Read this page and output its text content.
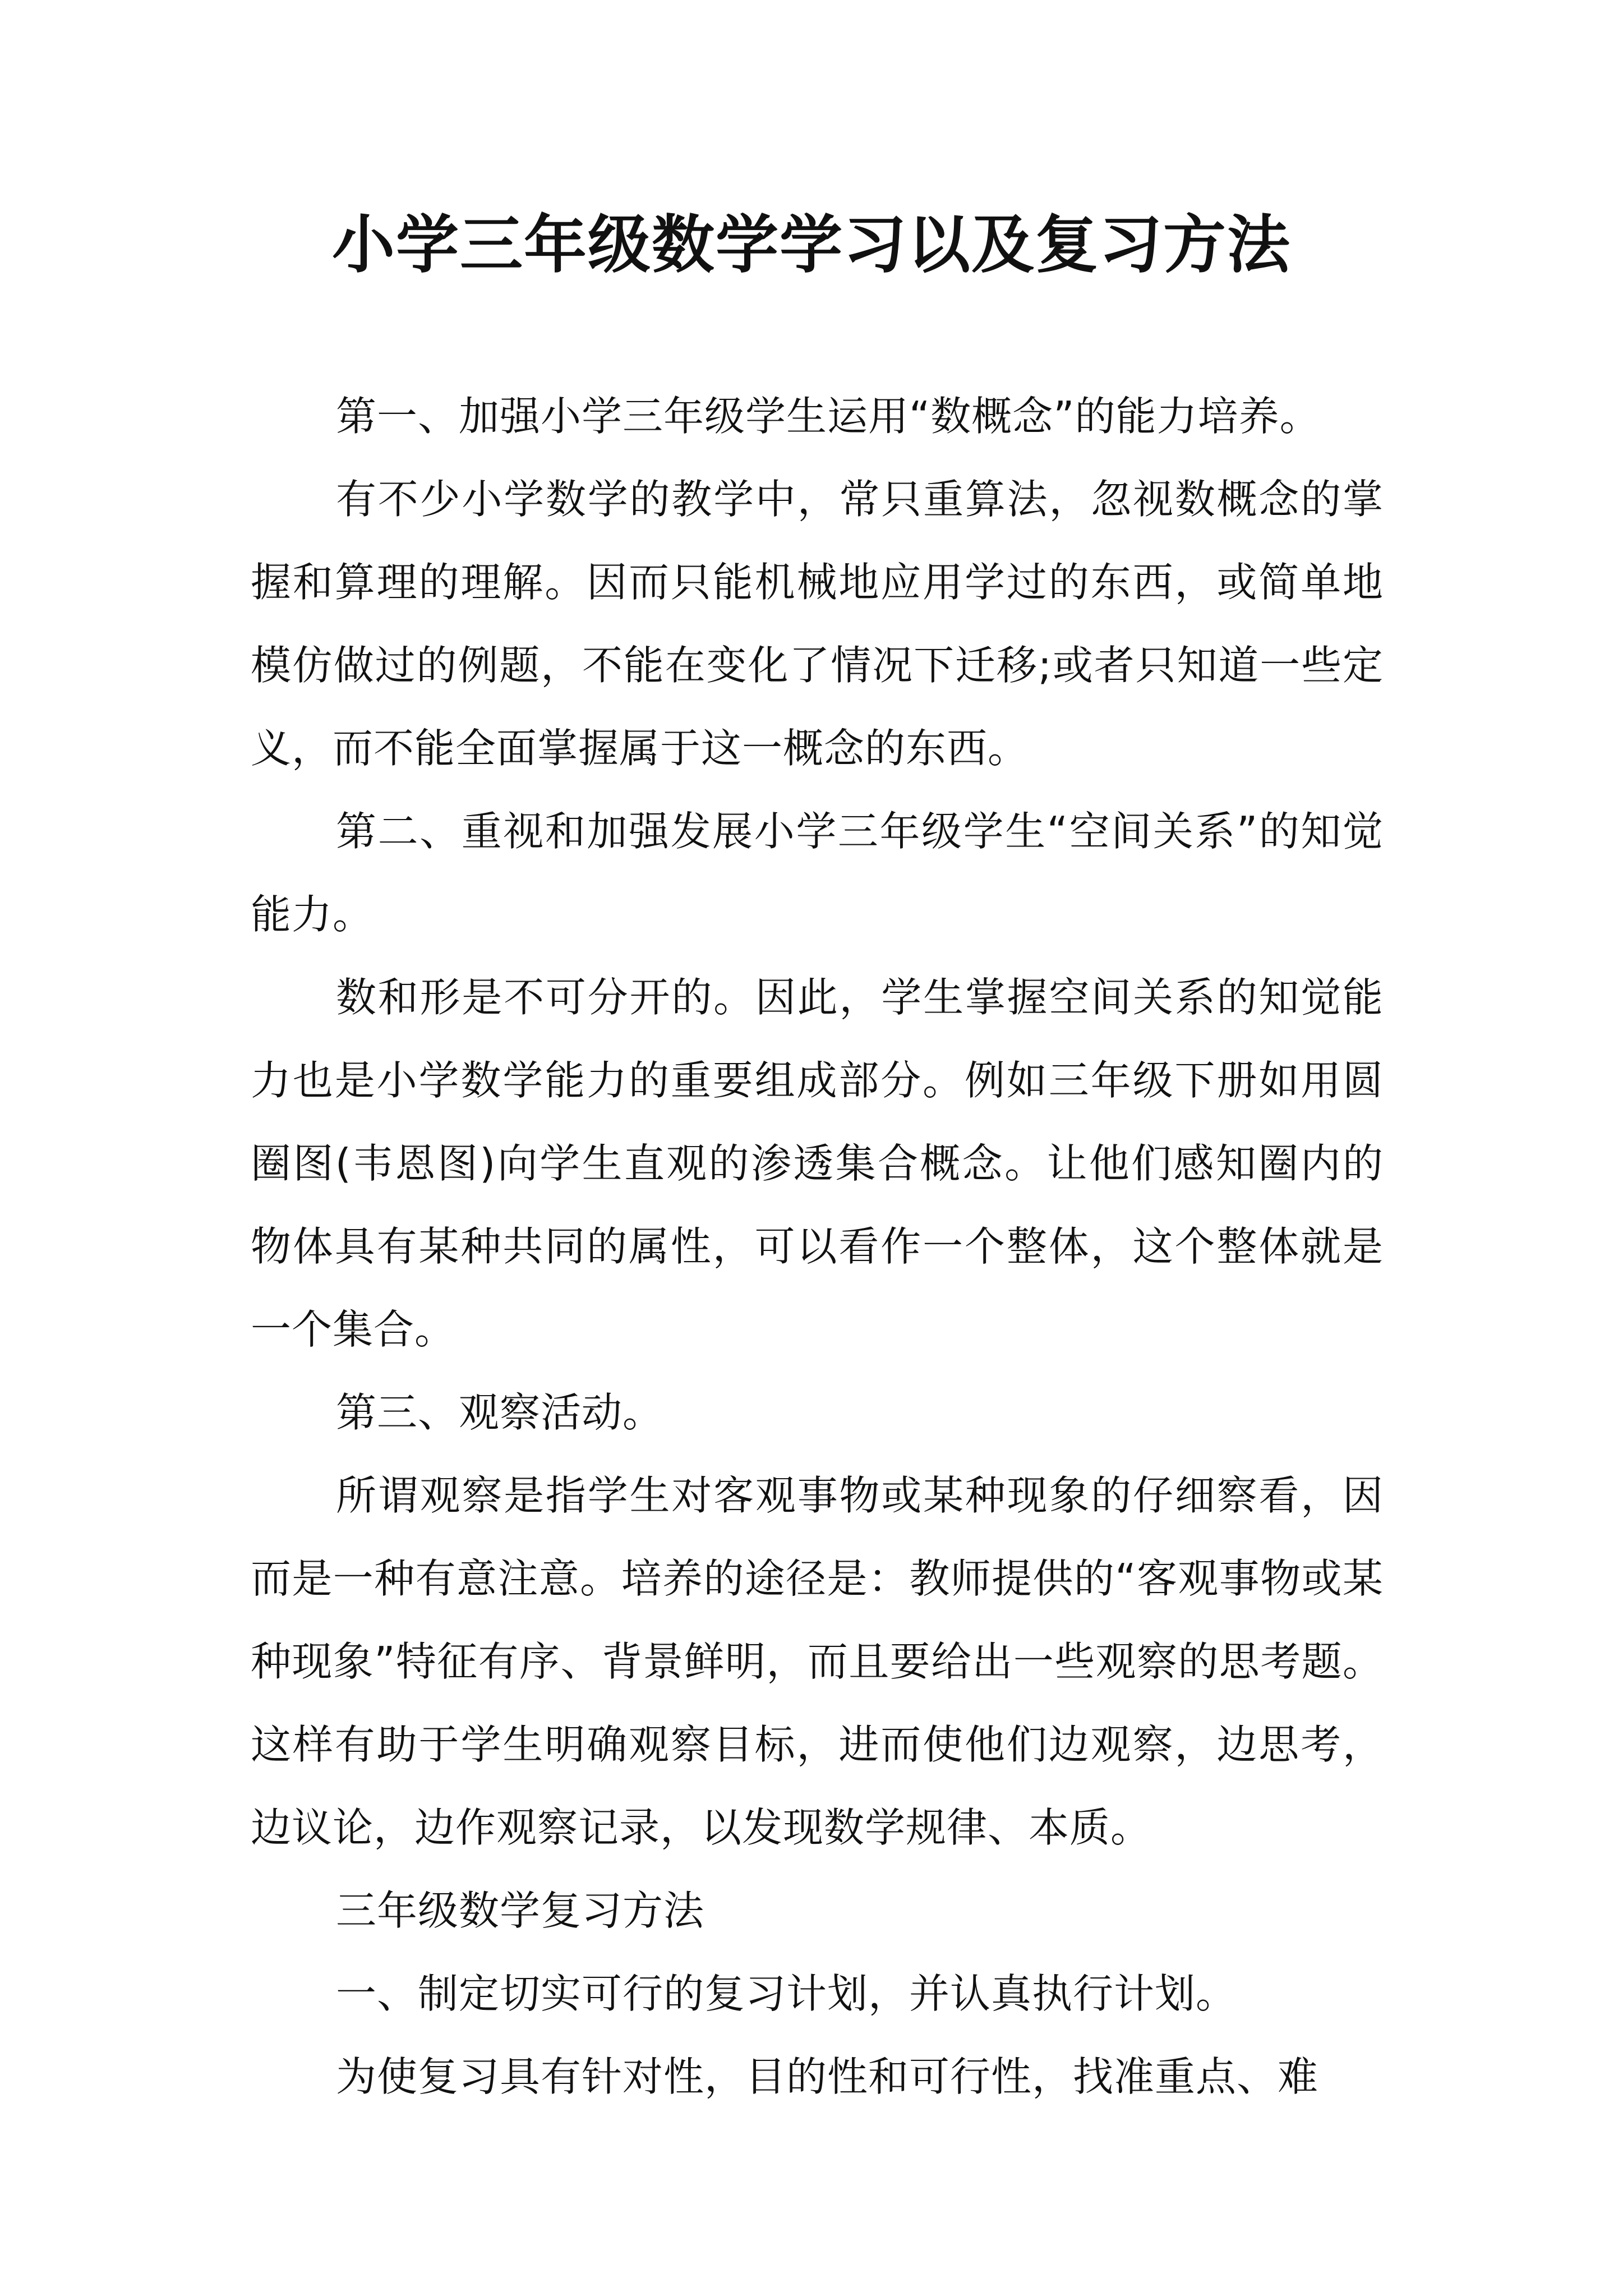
小学三年级数学学习以及复习方法

第一、加强小学三年级学生运用“数概念”的能力培养。

有不少小学数学的教学中，常只重算法，忽视数概念的掌握和算理的理解。因而只能机械地应用学过的东西，或简单地模仿做过的例题，不能在变化了情况下迁移;或者只知道一些定义，而不能全面掌握属于这一概念的东西。

第二、重视和加强发展小学三年级学生“空间关系”的知觉能力。

数和形是不可分开的。因此，学生掌握空间关系的知觉能力也是小学数学能力的重要组成部分。例如三年级下册如用圆圈图(韦恩图)向学生直观的渗透集合概念。让他们感知圈内的物体具有某种共同的属性，可以看作一个整体，这个整体就是一个集合。

第三、观察活动。

所谓观察是指学生对客观事物或某种现象的仔细察看，因而是一种有意注意。培养的途径是：教师提供的“客观事物或某种现象”特征有序、背景鲜明，而且要给出一些观察的思考题。这样有助于学生明确观察目标，进而使他们边观察，边思考，边议论，边作观察记录，以发现数学规律、本质。

三年级数学复习方法

一、制定切实可行的复习计划，并认真执行计划。

为使复习具有针对性，目的性和可行性，找准重点、难
